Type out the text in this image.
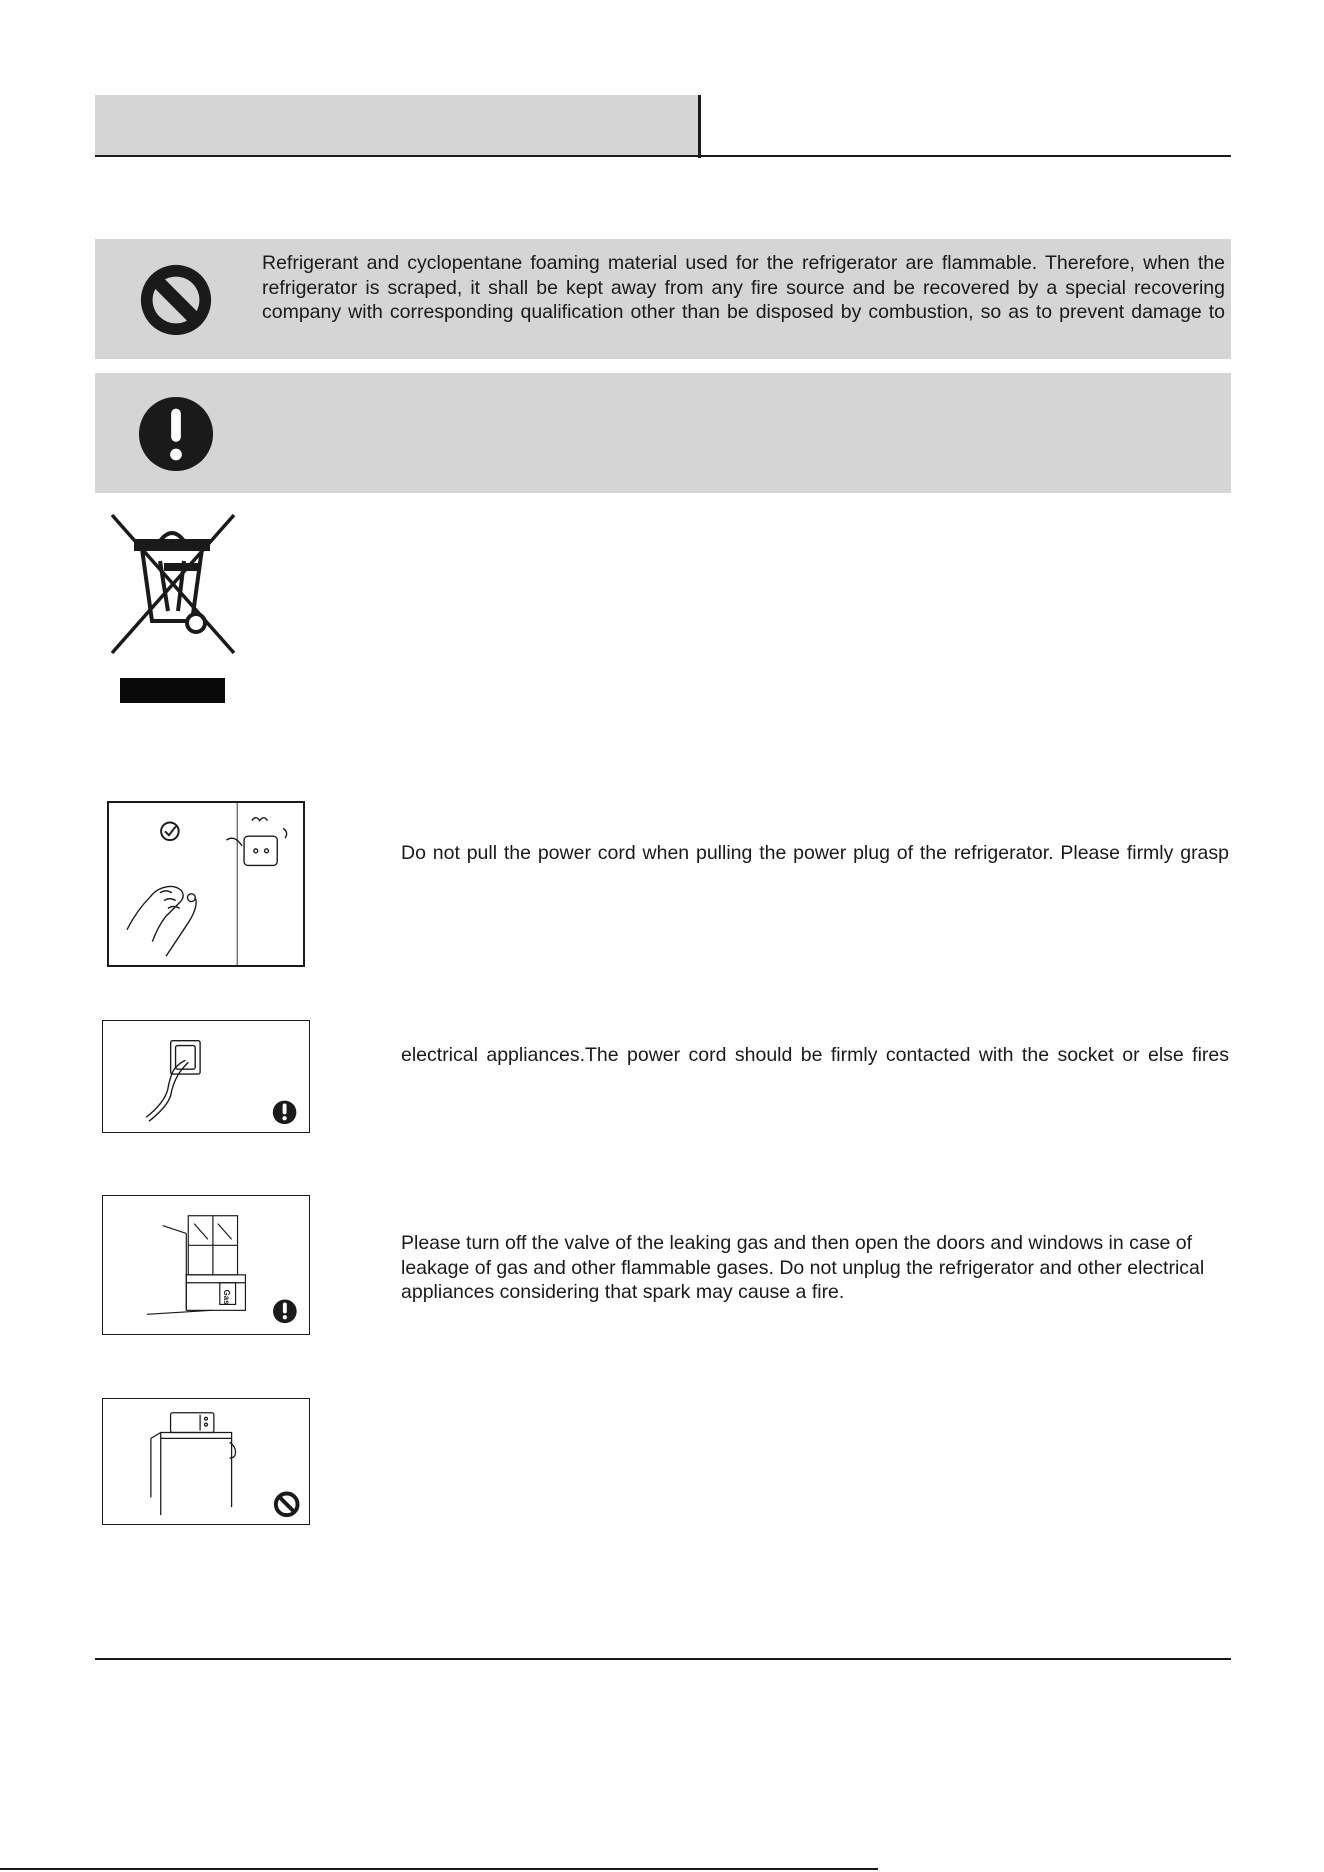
Refrigerant and cyclopentane foaming material used for the refrigerator are flammable. Therefore, when the
refrigerator is scraped, it shall be kept away from any fire source and be recovered by a special recovering
company with corresponding qualification other than be disposed by combustion, so as to prevent damage to
Do not pull the power cord when pulling the power plug of the refrigerator. Please firmly grasp
electrical appliances.The power cord should be firmly contacted with the socket or else fires
Gas
Please turn off the valve of the leaking gas and then open the doors and windows in case of
leakage of gas and other flammable gases. Do not unplug the refrigerator and other electrical
appliances considering that spark may cause a fire.
